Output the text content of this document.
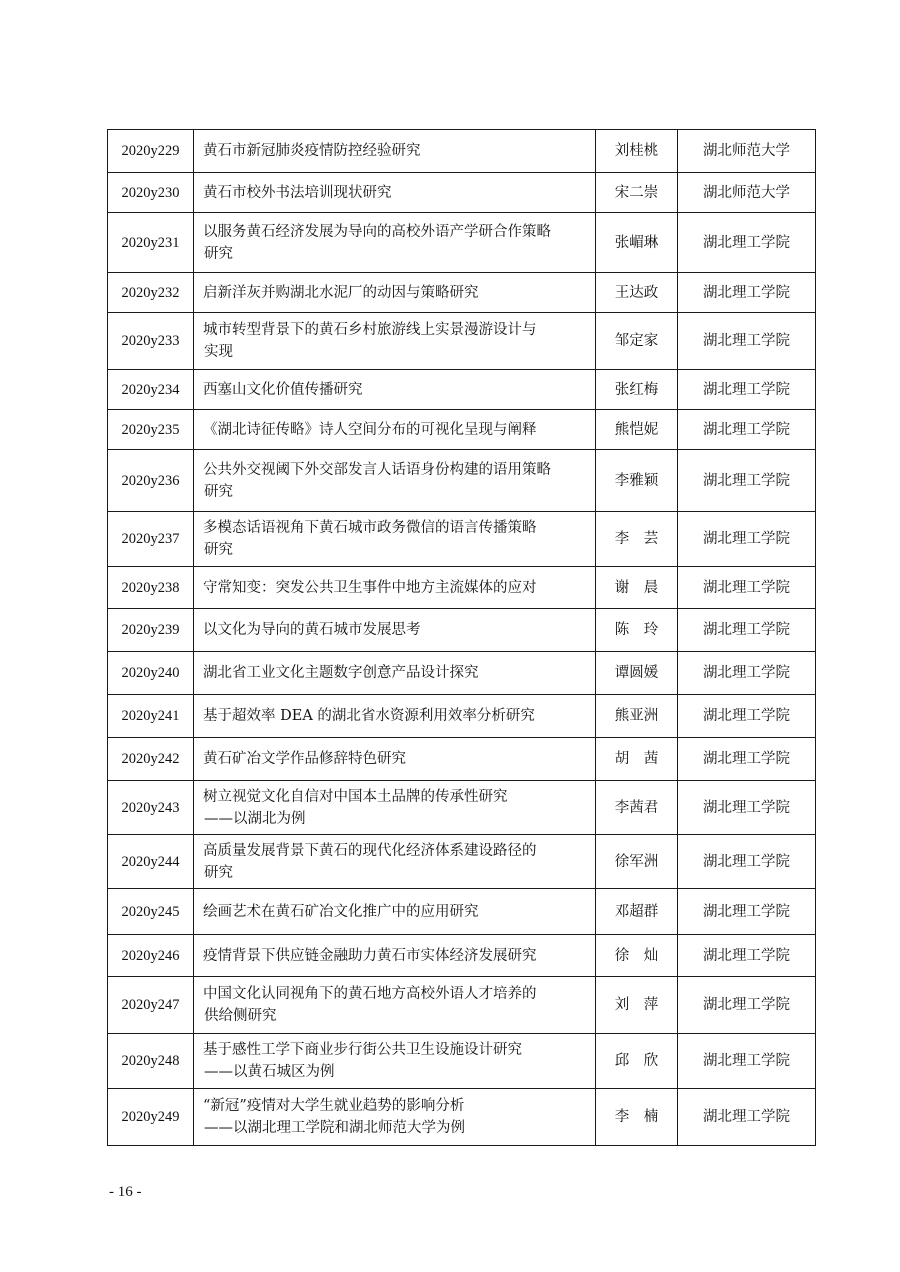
2020y229	黄石市新冠肺炎疫情防控经验研究	刘桂桃	湖北师范大学
2020y230	黄石市校外书法培训现状研究	宋二崇	湖北师范大学
2020y231	以服务黄石经济发展为导向的高校外语产学研合作策略
研究	张嵋琳	湖北理工学院
2020y232	启新洋灰并购湖北水泥厂的动因与策略研究	王达政	湖北理工学院
2020y233	城市转型背景下的黄石乡村旅游线上实景漫游设计与
实现	邹定家	湖北理工学院
2020y234	西塞山文化价值传播研究	张红梅	湖北理工学院
2020y235	《湖北诗征传略》诗人空间分布的可视化呈现与阐释	熊恺妮	湖北理工学院
2020y236	公共外交视阈下外交部发言人话语身份构建的语用策略
研究	李雅颖	湖北理工学院
2020y237	多模态话语视角下黄石城市政务微信的语言传播策略
研究	李　芸	湖北理工学院
2020y238	守常知变：突发公共卫生事件中地方主流媒体的应对	谢　晨	湖北理工学院
2020y239	以文化为导向的黄石城市发展思考	陈　玲	湖北理工学院
2020y240	湖北省工业文化主题数字创意产品设计探究	谭圆媛	湖北理工学院
2020y241	基于超效率 DEA 的湖北省水资源利用效率分析研究	熊亚洲	湖北理工学院
2020y242	黄石矿冶文学作品修辞特色研究	胡　茜	湖北理工学院
2020y243	树立视觉文化自信对中国本土品牌的传承性研究
——以湖北为例	李茜君	湖北理工学院
2020y244	高质量发展背景下黄石的现代化经济体系建设路径的
研究	徐军洲	湖北理工学院
2020y245	绘画艺术在黄石矿冶文化推广中的应用研究	邓超群	湖北理工学院
2020y246	疫情背景下供应链金融助力黄石市实体经济发展研究	徐　灿	湖北理工学院
2020y247	中国文化认同视角下的黄石地方高校外语人才培养的
供给侧研究	刘　萍	湖北理工学院
2020y248	基于感性工学下商业步行街公共卫生设施设计研究
——以黄石城区为例	邱　欣	湖北理工学院
2020y249	“新冠”疫情对大学生就业趋势的影响分析
——以湖北理工学院和湖北师范大学为例	李　楠	湖北理工学院
- 16 -
